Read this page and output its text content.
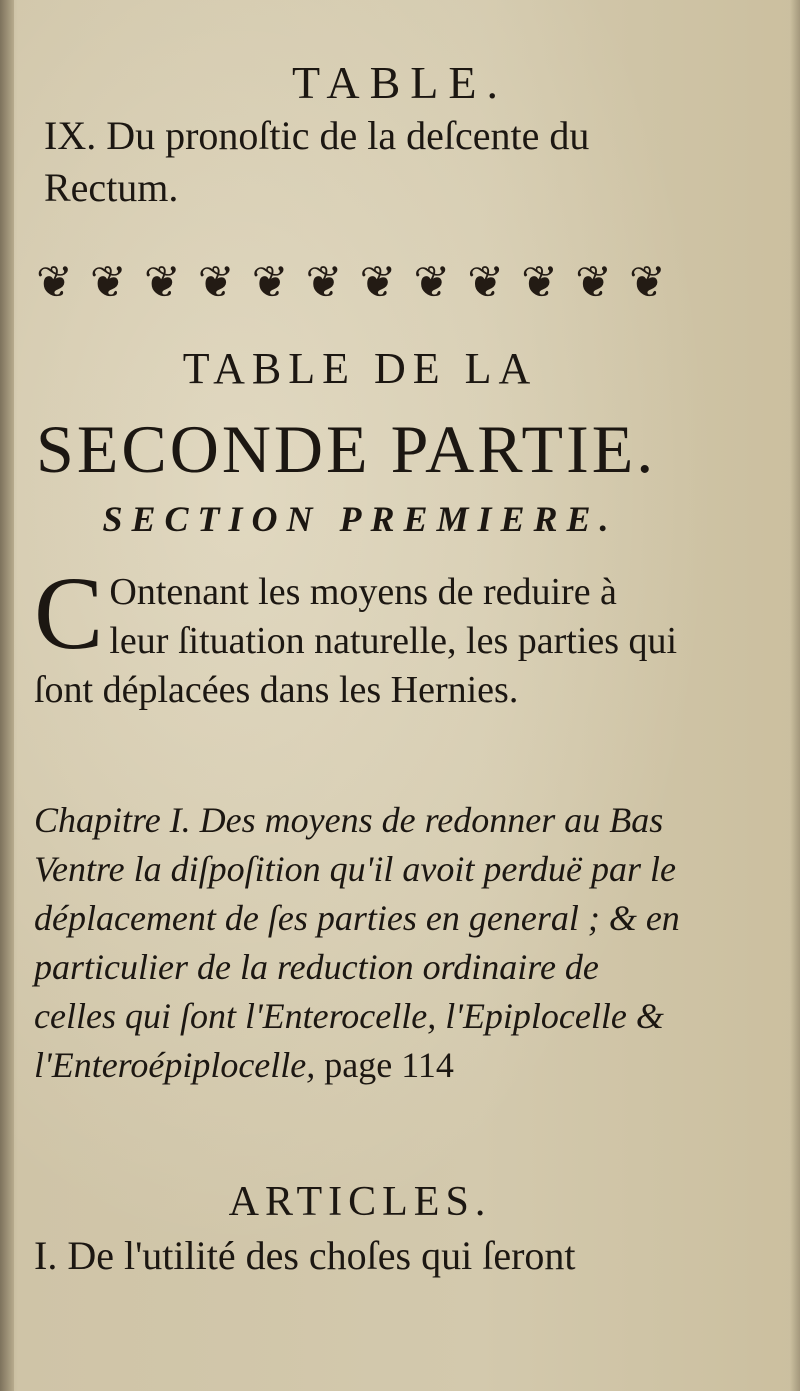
TABLE.
IX. Du pronoſtic de la deſcente du Rectum.
❦ ❦ ❦ ❦ ❦ ❦ ❦ ❦ ❦ ❦ ❦ ❦
TABLE DE LA
SECONDE PARTIE.
SECTION PREMIERE.
C Ontenant les moyens de reduire à leur ſituation naturelle, les parties qui ſont déplacées dans les Hernies.
Chapitre I. Des moyens de redonner au Bas Ventre la diſpoſition qu'il avoit perduë par le déplacement de ſes parties en general ; & en particulier de la reduction ordinaire de celles qui ſont l'Enterocelle, l'Epiplocelle & l'Enteroépiplocelle, page 114
ARTICLES.
I. De l'utilité des choſes qui ſeront
